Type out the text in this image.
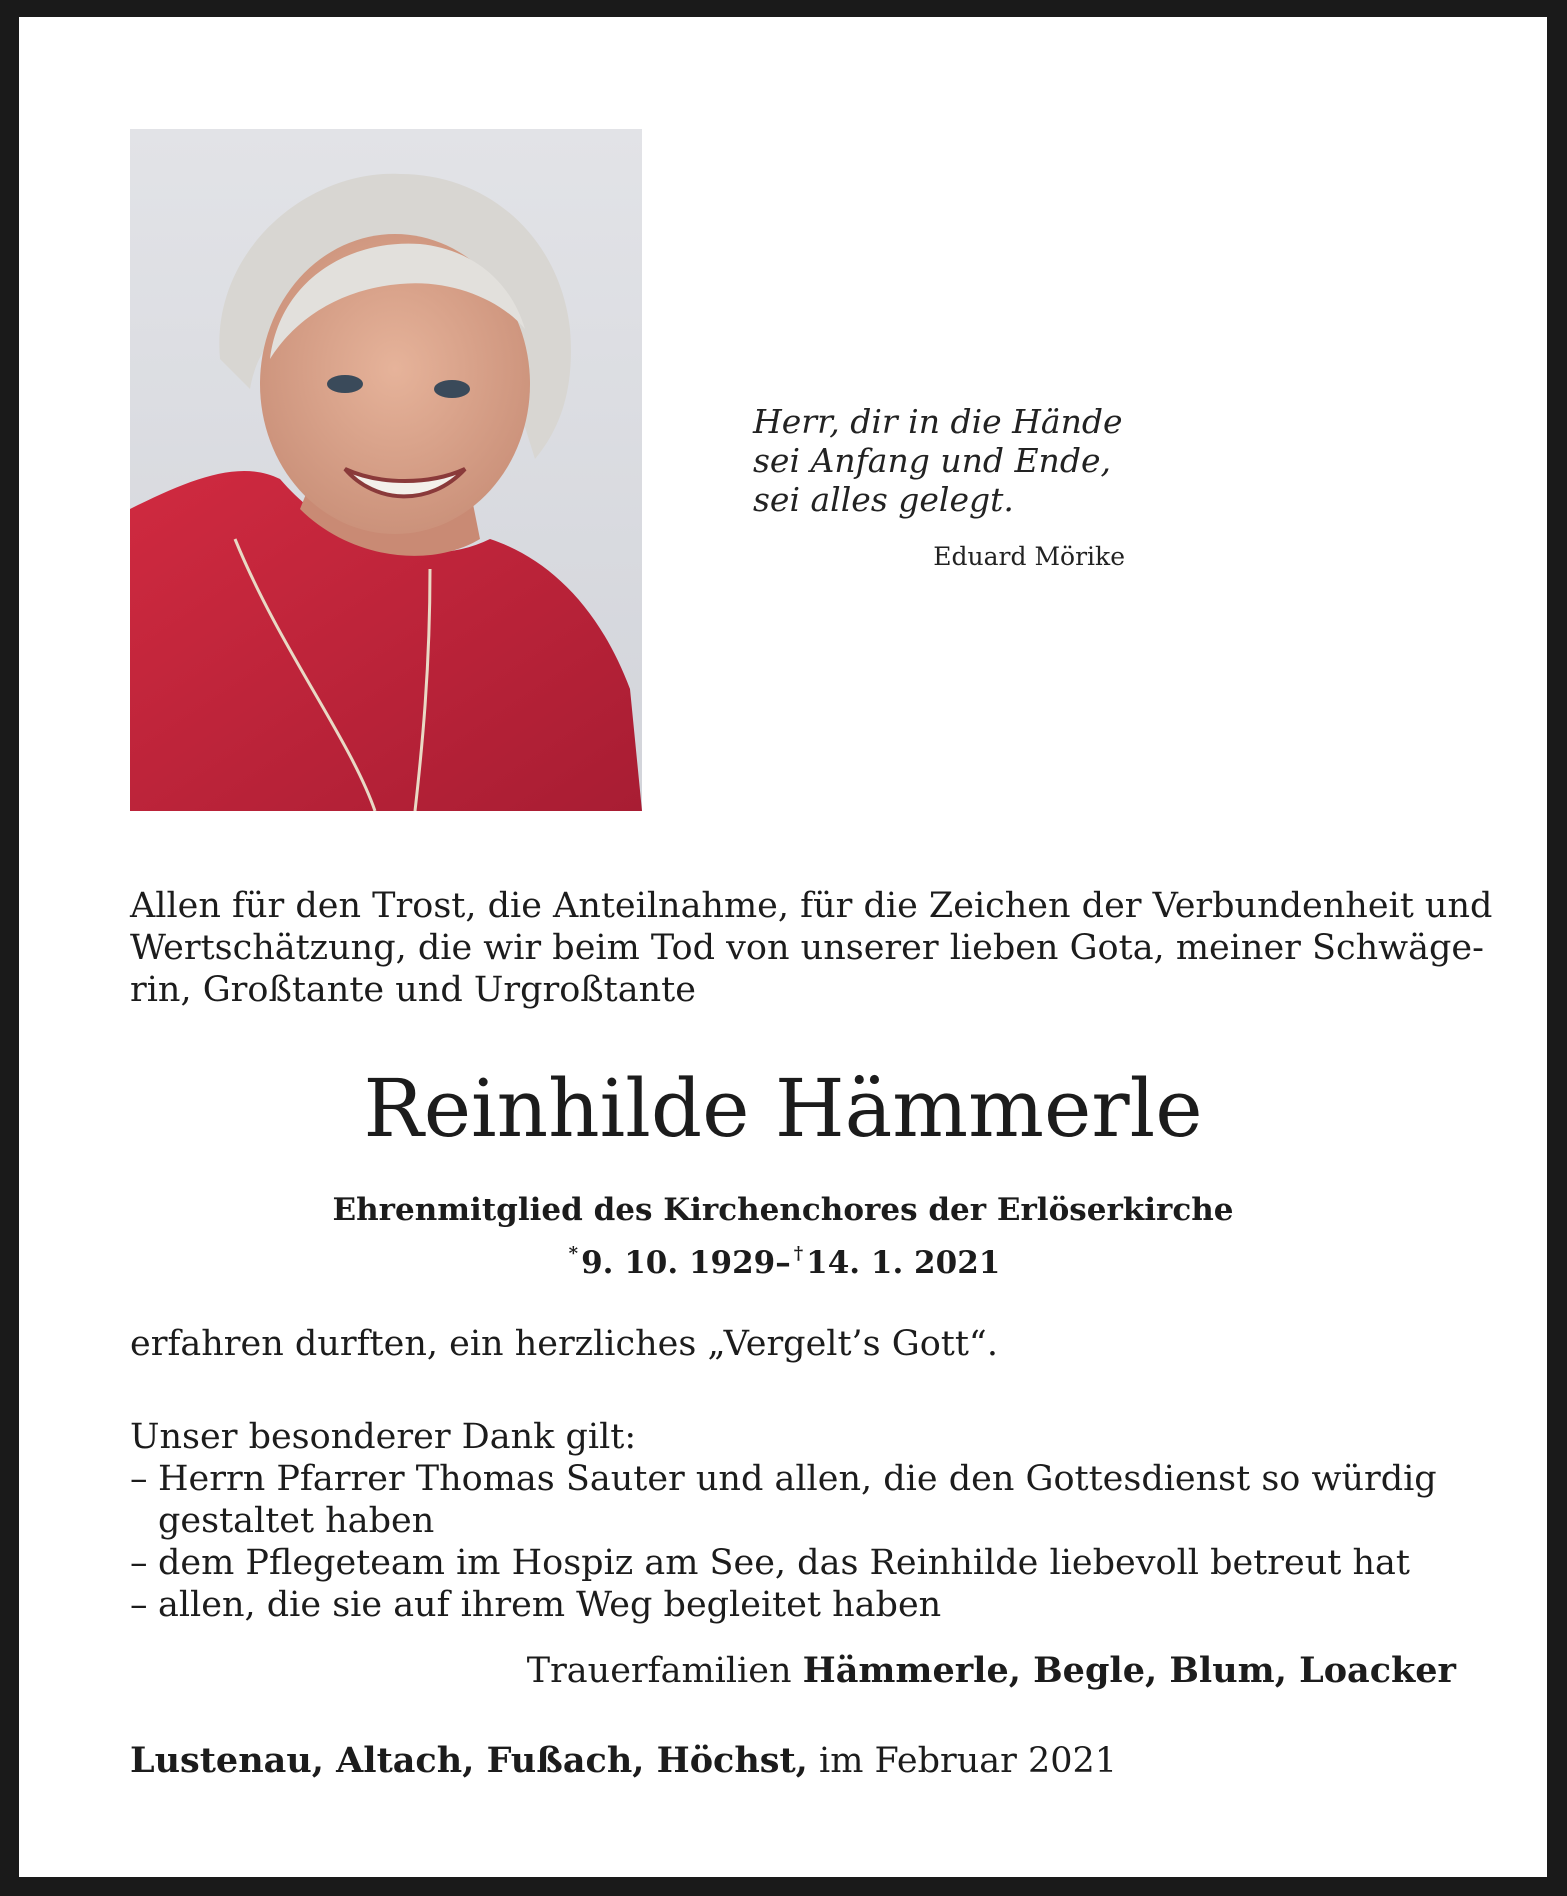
Herr, dir in die Hände
sei Anfang und Ende,
sei alles gelegt.
Eduard Mörike
Allen für den Trost, die Anteilnahme, für die Zeichen der Verbundenheit und
Wertschätzung, die wir beim Tod von unserer lieben Gota, meiner Schwäge-
rin, Großtante und Urgroßtante
Reinhilde Hämmerle
Ehrenmitglied des Kirchenchores der Erlöserkirche
*9. 10. 1929– †14. 1. 2021
erfahren durften, ein herzliches „Vergelt’s Gott“.
Unser besonderer Dank gilt:
– Herrn Pfarrer Thomas Sauter und allen, die den Gottesdienst so würdig
gestaltet haben
– dem Pflegeteam im Hospiz am See, das Reinhilde liebevoll betreut hat
– allen, die sie auf ihrem Weg begleitet haben
Trauerfamilien Hämmerle, Begle, Blum, Loacker
Lustenau, Altach, Fußach, Höchst, im Februar 2021
